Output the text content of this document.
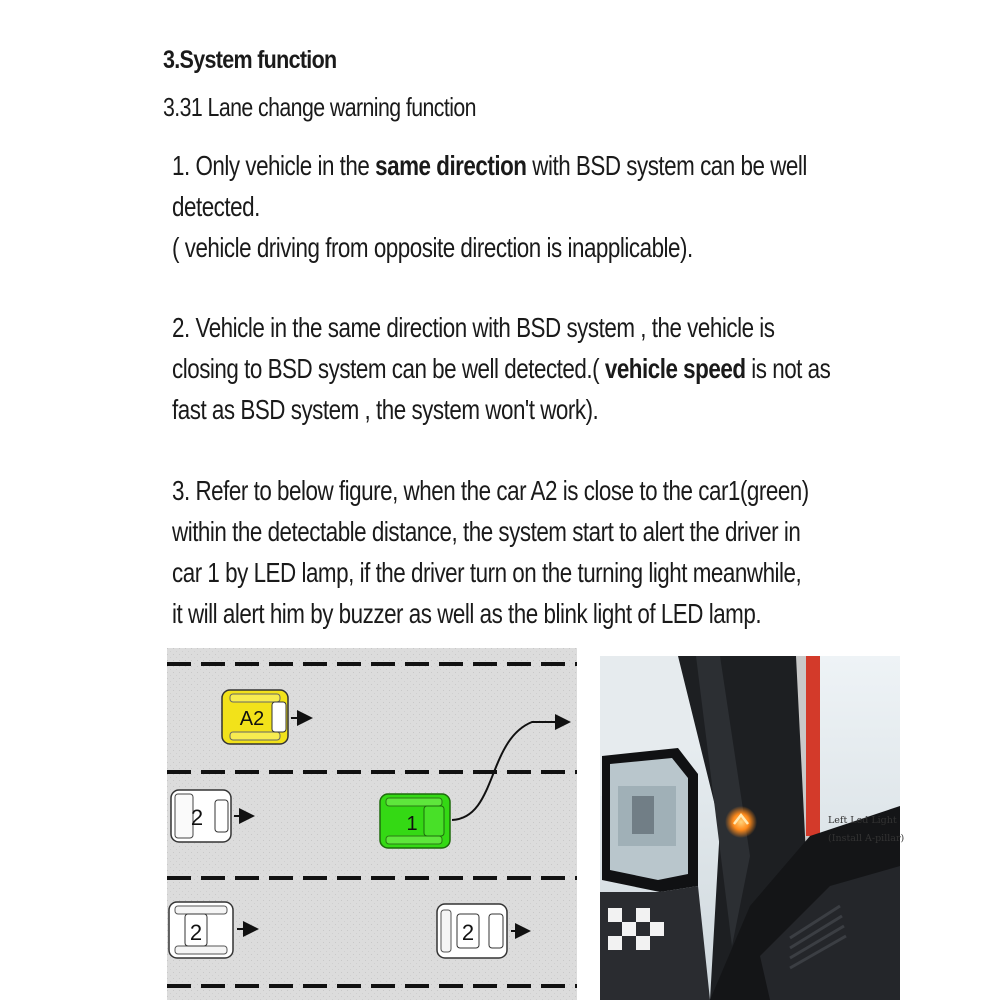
3.System function
3.31 Lane change warning function
1. Only vehicle in the same direction with BSD system can be well
detected.
( vehicle driving from opposite direction is inapplicable).
2. Vehicle in the same direction with BSD system , the vehicle is
closing to BSD system can be well detected.( vehicle speed is not as
fast as BSD system , the system won't work).
3. Refer to below figure, when the car A2 is close to the car1(green)
within the detectable distance, the system start to alert the driver in
car 1 by LED lamp, if the driver turn on the turning light meanwhile,
it will alert him by buzzer as well as the blink light of LED lamp.
A2
2	1
2	2
Left Led Light
(Install A-pillar)
